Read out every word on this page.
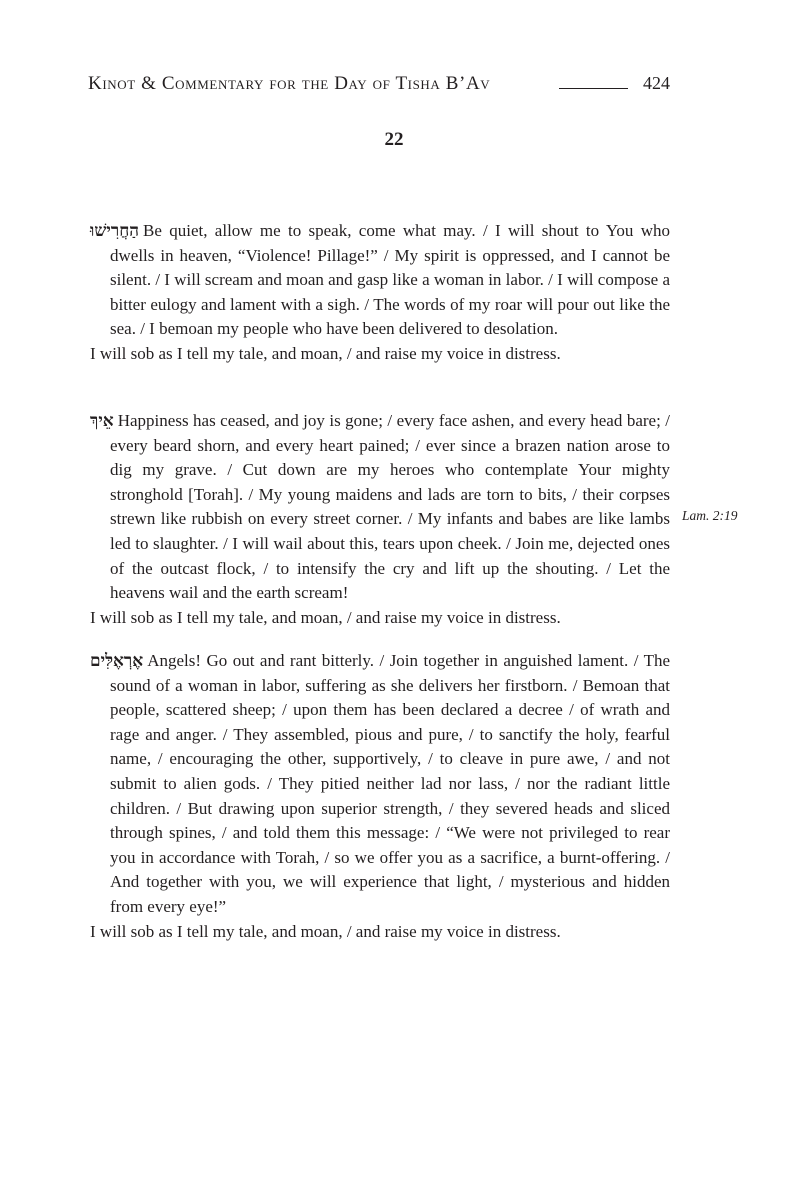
Kinot & Commentary for the Day of Tisha B’Av	424
22

הַחֲרִישׁוּ Be quiet, allow me to speak, come what may. / I will shout to You who dwells in heaven, “Violence! Pillage!” / My spirit is oppressed, and I cannot be silent. / I will scream and moan and gasp like a woman in labor. / I will compose a bitter eulogy and lament with a sigh. / The words of my roar will pour out like the sea. / I bemoan my people who have been delivered to desolation.

I will sob as I tell my tale, and moan, / and raise my voice in distress.

אֵיךְ Happiness has ceased, and joy is gone; / every face ashen, and every head bare; / every beard shorn, and every heart pained; / ever since a brazen nation arose to dig my grave. / Cut down are my heroes who contemplate Your mighty stronghold [Torah]. / My young maidens and lads are torn to bits, / their corpses strewn like rubbish on every street corner. / My infants and babes are like lambs led to slaughter. / I will wail about this, tears upon cheek. / Join me, dejected ones of the outcast flock, / to intensify the cry and lift up the shouting. / Let the heavens wail and the earth scream!

I will sob as I tell my tale, and moan, / and raise my voice in distress.

Lam. 2:19

אֶרְאֶלִּים Angels! Go out and rant bitterly. / Join together in anguished lament. / The sound of a woman in labor, suffering as she delivers her firstborn. / Bemoan that people, scattered sheep; / upon them has been declared a decree / of wrath and rage and anger. / They assembled, pious and pure, / to sanctify the holy, fearful name, / encouraging the other, supportively, / to cleave in pure awe, / and not submit to alien gods. / They pitied neither lad nor lass, / nor the radiant little children. / But drawing upon superior strength, / they severed heads and sliced through spines, / and told them this message: / “We were not privileged to rear you in accordance with Torah, / so we offer you as a sacrifice, a burnt-offering. / And together with you, we will experience that light, / mysterious and hidden from every eye!”

I will sob as I tell my tale, and moan, / and raise my voice in distress.
